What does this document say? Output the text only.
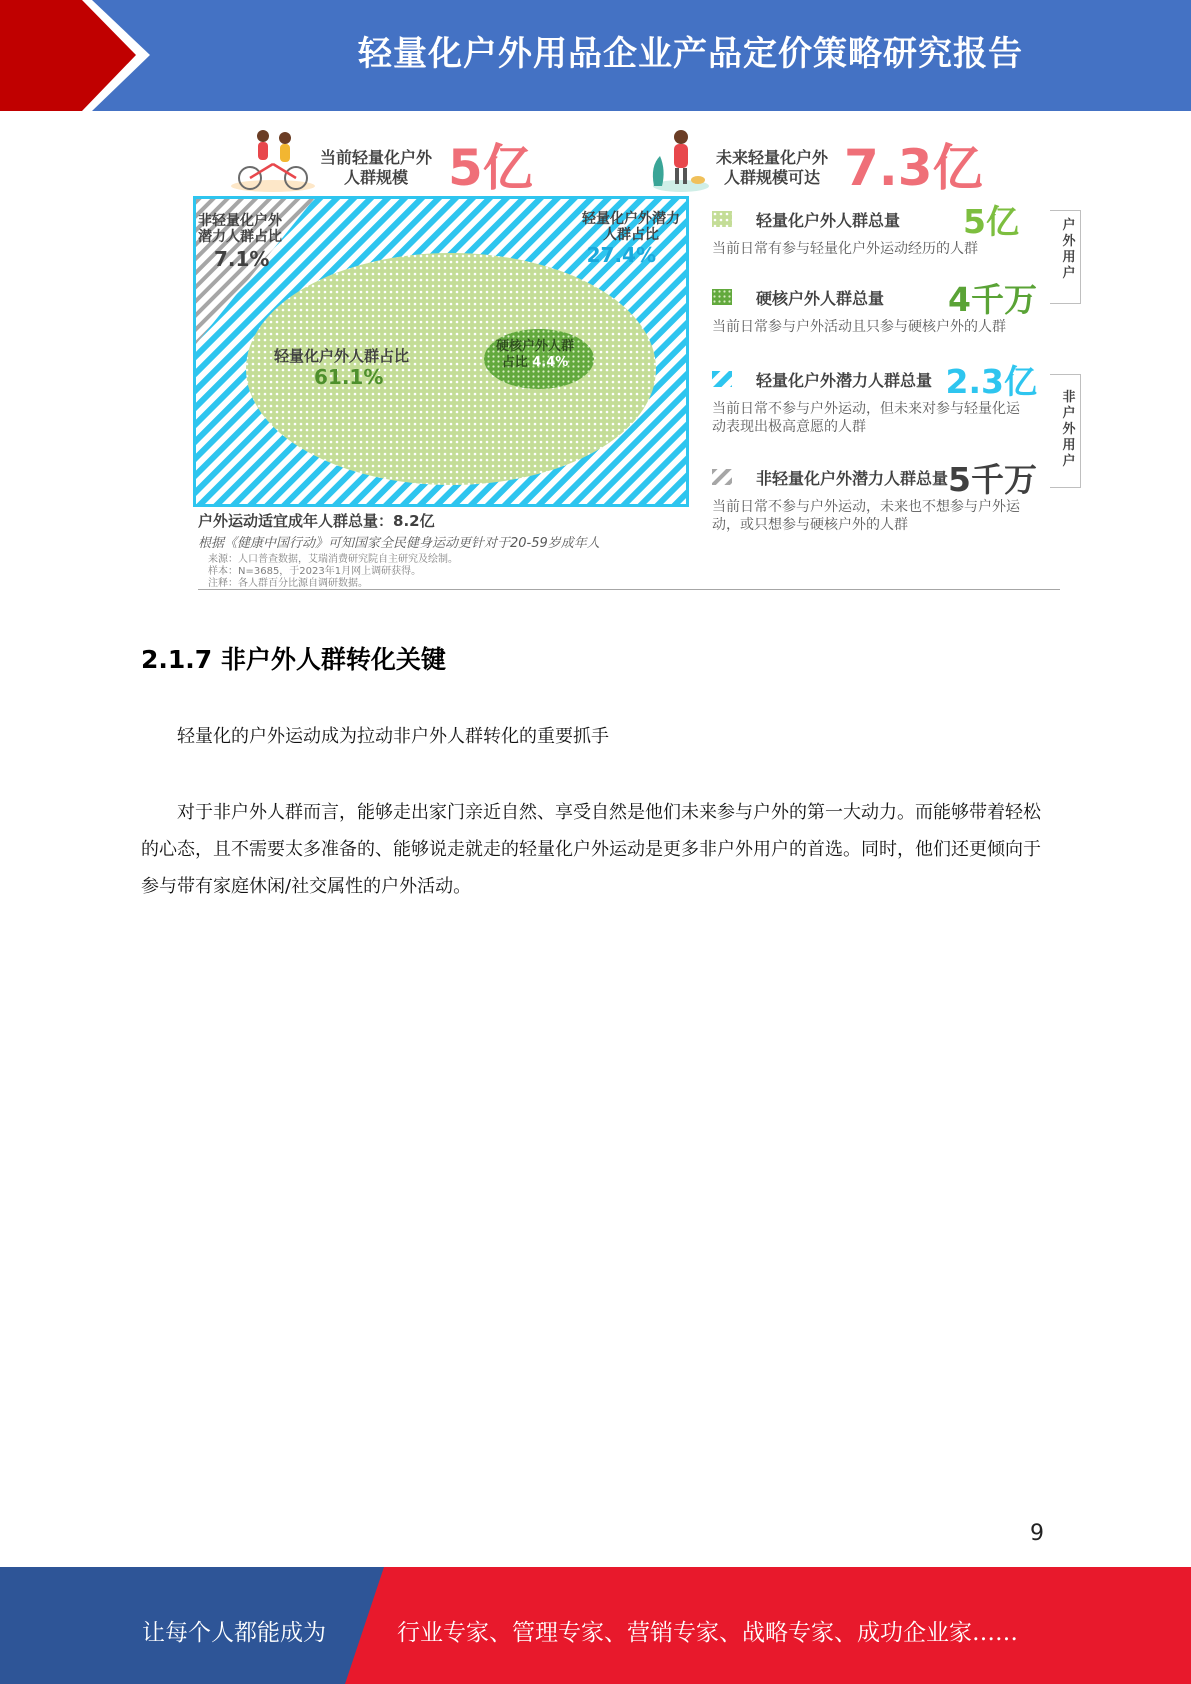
轻量化户外用品企业产品定价策略研究报告
当前轻量化户外
人群规模 5亿	未来轻量化户外
人群规模可达 7.3亿
非轻量化户外
潜力人群占比
7.1%
轻量化户外潜力
人群占比
27.4%
轻量化户外人群占比
61.1%
硬核户外人群
占比 4.4%
轻量化户外人群总量	5亿
当前日常有参与轻量化户外运动经历的人群
硬核户外人群总量	4千万
当前日常参与户外活动且只参与硬核户外的人群
轻量化户外潜力人群总量 2.3亿
当前日常不参与户外运动，但未来对参与轻量化运动表现出极高意愿的人群
非轻量化户外潜力人群总量 5千万
当前日常不参与户外运动，未来也不想参与户外运动，或只想参与硬核户外的人群
户外用户
非户外用户
户外运动适宜成年人群总量：8.2亿
根据《健康中国行动》可知国家全民健身运动更针对于20-59岁成年人
来源：人口普查数据，艾瑞消费研究院自主研究及绘制。
样本：N=3685，于2023年1月网上调研获得。
注释：各人群百分比源自调研数据。
2.1.7 非户外人群转化关键
轻量化的户外运动成为拉动非户外人群转化的重要抓手
对于非户外人群而言，能够走出家门亲近自然、享受自然是他们未来参与户外的第一大动力。而能够带着轻松的心态，且不需要太多准备的、能够说走就走的轻量化户外运动是更多非户外用户的首选。同时，他们还更倾向于参与带有家庭休闲/社交属性的户外活动。
9
让每个人都能成为	行业专家、管理专家、营销专家、战略专家、成功企业家……
